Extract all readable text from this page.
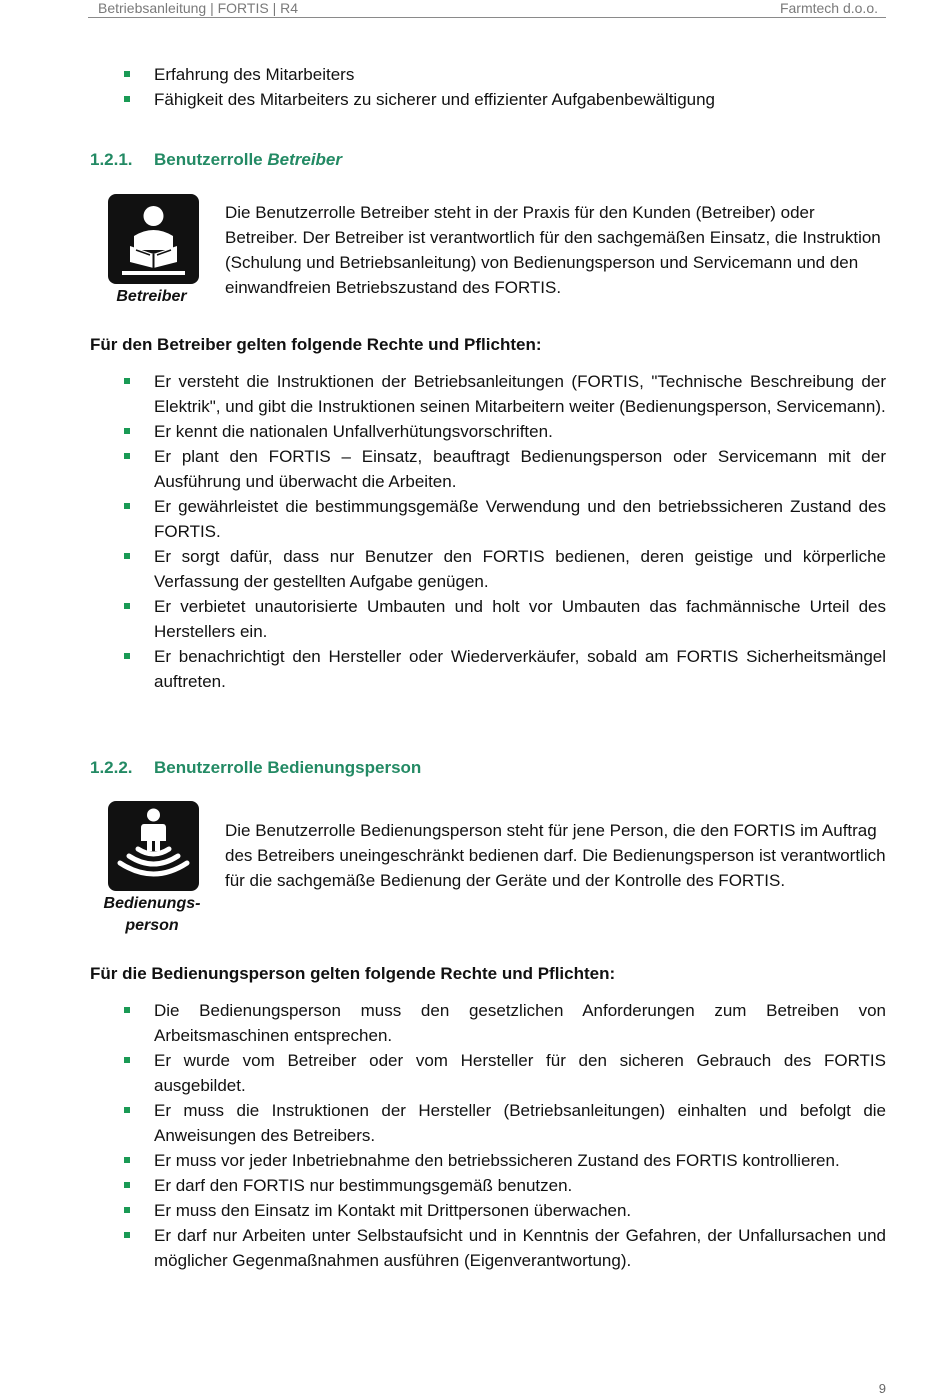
Betriebsanleitung | FORTIS | R4	Farmtech d.o.o.
Erfahrung des Mitarbeiters
Fähigkeit des Mitarbeiters zu sicherer und effizienter Aufgabenbewältigung
1.2.1. Benutzerrolle Betreiber
Betreiber
Die Benutzerrolle Betreiber steht in der Praxis für den Kunden (Betreiber) oder Betreiber. Der Betreiber ist verantwortlich für den sachgemäßen Einsatz, die Instruktion (Schulung und Betriebsanleitung) von Bedienungsperson und Servicemann und den einwandfreien Betriebszustand des FORTIS.
Für den Betreiber gelten folgende Rechte und Pflichten:
Er versteht die Instruktionen der Betriebsanleitungen (FORTIS, "Technische Beschreibung der Elektrik", und gibt die Instruktionen seinen Mitarbeitern weiter (Bedienungsperson, Servicemann).
Er kennt die nationalen Unfallverhütungsvorschriften.
Er plant den FORTIS – Einsatz, beauftragt Bedienungsperson oder Servicemann mit der Ausführung und überwacht die Arbeiten.
Er gewährleistet die bestimmungsgemäße Verwendung und den betriebssicheren Zustand des FORTIS.
Er sorgt dafür, dass nur Benutzer den FORTIS bedienen, deren geistige und körperliche Verfassung der gestellten Aufgabe genügen.
Er verbietet unautorisierte Umbauten und holt vor Umbauten das fachmännische Urteil des Herstellers ein.
Er benachrichtigt den Hersteller oder Wiederverkäufer, sobald am FORTIS Sicherheitsmängel auftreten.
1.2.2. Benutzerrolle Bedienungsperson
Bedienungs-
person
Die Benutzerrolle Bedienungsperson steht für jene Person, die den FORTIS im Auftrag des Betreibers uneingeschränkt bedienen darf. Die Bedienungsperson ist verantwortlich für die sachgemäße Bedienung der Geräte und der Kontrolle des FORTIS.
Für die Bedienungsperson gelten folgende Rechte und Pflichten:
Die Bedienungsperson muss den gesetzlichen Anforderungen zum Betreiben von Arbeitsmaschinen entsprechen.
Er wurde vom Betreiber oder vom Hersteller für den sicheren Gebrauch des FORTIS ausgebildet.
Er muss die Instruktionen der Hersteller (Betriebsanleitungen) einhalten und befolgt die Anweisungen des Betreibers.
Er muss vor jeder Inbetriebnahme den betriebssicheren Zustand des FORTIS kontrollieren.
Er darf den FORTIS nur bestimmungsgemäß benutzen.
Er muss den Einsatz im Kontakt mit Drittpersonen überwachen.
Er darf nur Arbeiten unter Selbstaufsicht und in Kenntnis der Gefahren, der Unfallursachen und möglicher Gegenmaßnahmen ausführen (Eigenverantwortung).
9
